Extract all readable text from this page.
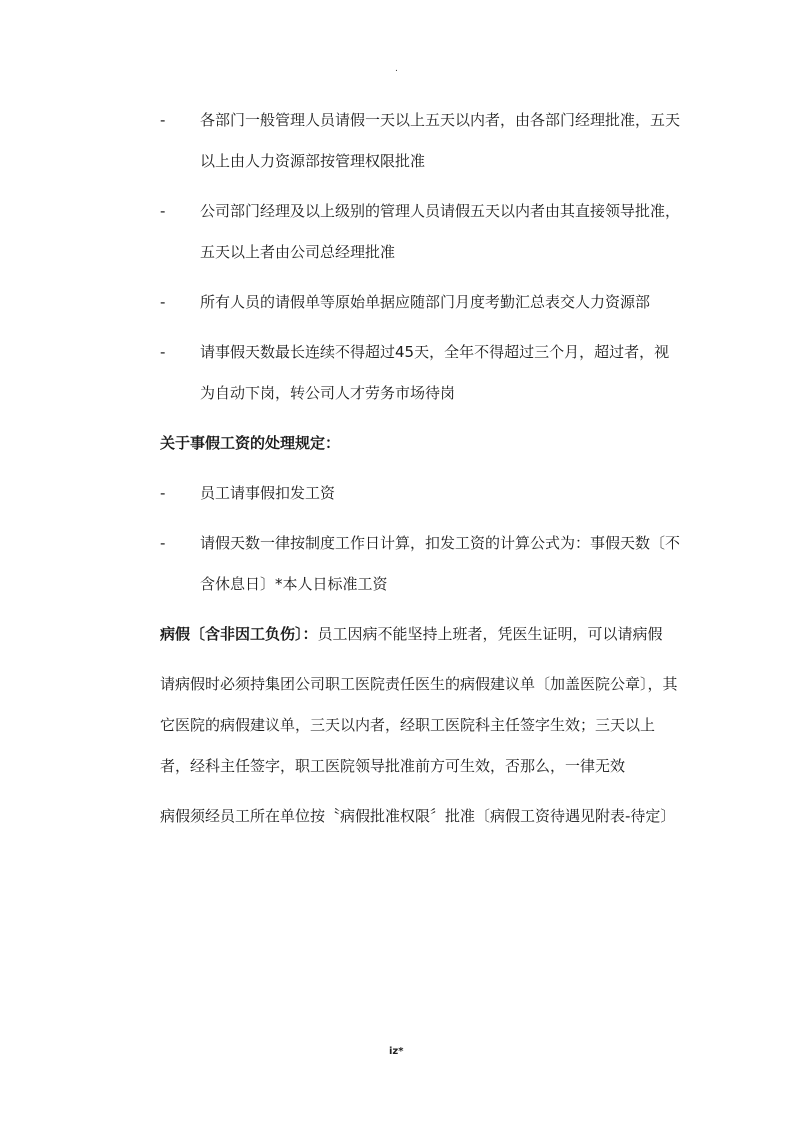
.
-	各部门一般管理人员请假一天以上五天以内者，由各部门经理批准，五天以上由人力资源部按管理权限批准
-	公司部门经理及以上级别的管理人员请假五天以内者由其直接领导批准，五天以上者由公司总经理批准
-	所有人员的请假单等原始单据应随部门月度考勤汇总表交人力资源部
-	请事假天数最长连续不得超过45天，全年不得超过三个月，超过者，视为自动下岗，转公司人才劳务市场待岗
关于事假工资的处理规定：
-	员工请事假扣发工资
-	请假天数一律按制度工作日计算，扣发工资的计算公式为：事假天数〔不含休息日〕*本人日标准工资
病假〔含非因工负伤〕：员工因病不能坚持上班者，凭医生证明，可以请病假
请病假时必须持集团公司职工医院责任医生的病假建议单〔加盖医院公章〕，其它医院的病假建议单，三天以内者，经职工医院科主任签字生效；三天以上者，经科主任签字，职工医院领导批准前方可生效，否那么，一律无效
病假须经员工所在单位按〝病假批准权限〞批准〔病假工资待遇见附表-待定〕
iz*
